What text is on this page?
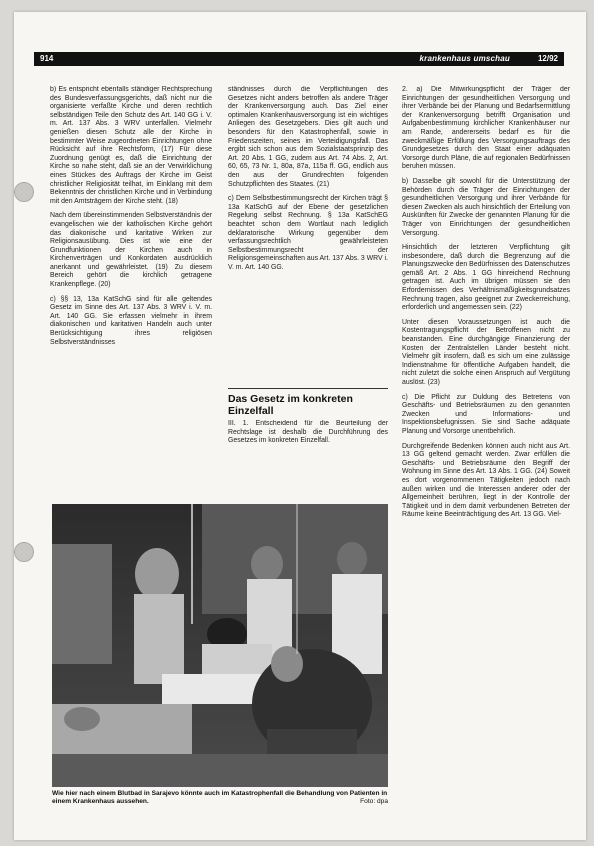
914	krankenhaus umschau	12/92

b) Es entspricht ebenfalls ständiger Rechtsprechung des Bundesverfassungsgerichts, daß nicht nur die organisierte verfaßte Kirche und deren rechtlich selbständigen Teile den Schutz des Art. 140 GG i. V. m. Art. 137 Abs. 3 WRV unterfallen. Vielmehr genießen diesen Schutz alle der Kirche in bestimmter Weise zugeordneten Einrichtungen ohne Rücksicht auf ihre Rechtsform, (17) Für diese Zuordnung genügt es, daß die Einrichtung der Kirche so nahe steht, daß sie an der Verwirklichung eines Stückes des Auftrags der Kirche im Geist christlicher Religiosität teilhat, im Einklang mit dem Bekenntnis der christlichen Kirche und in Verbindung mit den Amtsträgern der Kirche steht. (18)

Nach dem übereinstimmenden Selbstverständnis der evangelischen wie der katholischen Kirche gehört das diakonische und karitative Wirken zur Religionsausübung. Dies ist wie eine der Grundfunktionen der Kirchen auch in Kirchenverträgen und Konkordaten ausdrücklich anerkannt und gewährleistet. (19) Zu diesem Bereich gehört die kirchlich getragene Krankenpflege. (20)

c) §§ 13, 13a KatSchG sind für alle geltendes Gesetz im Sinne des Art. 137 Abs. 3 WRV i. V. m. Art. 140 GG. Sie erfassen vielmehr in ihrem diakonischen und karitativen Handeln auch unter Berücksichtigung ihres religiösen Selbstverständnisses

ständnisses durch die Verpflichtungen des Gesetzes nicht anders betroffen als andere Träger der Krankenversorgung auch. Das Ziel einer optimalen Krankenhausversorgung ist ein wichtiges Anliegen des Gesetzgebers. Dies gilt auch und besonders für den Katastrophenfall, sowie in Friedenszeiten, seines im Verteidigungsfall. Das ergibt sich schon aus dem Sozialstaatsprinzip des Art. 20 Abs. 1 GG, zudem aus Art. 74 Abs. 2, Art. 60, 65, 73 Nr. 1, 80a, 87a, 115a ff. GG, endlich aus den aus der Grundrechten folgenden Schutzpflichten des Staates. (21)

c) Dem Selbstbestimmungsrecht der Kirchen trägt § 13a KatSchG auf der Ebene der gesetzlichen Regelung selbst Rechnung. § 13a KatSchEG beachtet schon dem Wortlaut nach lediglich deklaratorische Wirkung gegenüber dem verfassungsrechtlich gewährleisteten Selbstbestimmungsrecht der Religionsgemeinschaften aus Art. 137 Abs. 3 WRV i. V. m. Art. 140 GG.

Das Gesetz im konkreten Einzelfall
III. 1. Entscheidend für die Beurteilung der Rechtslage ist deshalb die Durchführung des Gesetzes im konkreten Einzelfall.

2. a) Die Mitwirkungspflicht der Träger der Einrichtungen der gesundheitlichen Versorgung und ihrer Verbände bei der Planung und Bedarfsermittlung der Krankenversorgung betrifft Organisation und Aufgabenbestimmung kirchlicher Krankenhäuser nur am Rande, andererseits bedarf es für die zweckmäßige Erfüllung des Versorgungsauftrags des Grundgesetzes durch den Staat einer adäquaten Vorsorge durch Pläne, die auf regionalen Bedürfnissen beruhen müssen.

b) Dasselbe gilt sowohl für die Unterstützung der Behörden durch die Träger der Einrichtungen der gesundheitlichen Versorgung und ihrer Verbände für diesen Zwecken als auch hinsichtlich der Erteilung von Auskünften für Zwecke der genannten Planung für die Träger von Einrichtungen der gesundheitlichen Versorgung.

Hinsichtlich der letzteren Verpflichtung gilt insbesondere, daß durch die Begrenzung auf die Planungszwecke den Bedürfnissen des Datenschutzes gemäß Art. 2 Abs. 1 GG hinreichend Rechnung getragen ist. Auch im übrigen müssen sie den Erfordernissen des Verhältnismäßigkeitsgrundsatzes Rechnung tragen, also geeignet zur Zweckerreichung, erforderlich und angemessen sein. (22)

Unter diesen Voraussetzungen ist auch die Kostentragungspflicht der Betroffenen nicht zu beanstanden. Eine durchgängige Finanzierung der Kosten der Zentralstellen Länder besteht nicht. Vielmehr gilt insofern, daß es sich um eine zulässige Indienstnahme für öffentliche Aufgaben handelt, die nicht zuletzt die solche einen Anspruch auf Vergütung auslöst. (23)

c) Die Pflicht zur Duldung des Betretens von Geschäfts- und Betriebsräumen zu den genannten Zwecken und Informations- und Inspektionsbefugnissen. Sie sind Sache adäquate Planung und Vorsorge unentbehrlich.

Durchgreifende Bedenken können auch nicht aus Art. 13 GG geltend gemacht werden. Zwar erfüllen die Geschäfts- und Betriebsräume den Begriff der Wohnung im Sinne des Art. 13 Abs. 1 GG. (24) Soweit es dort vorgenommenen Tätigkeiten jedoch nach außen wirken und die Interessen anderer oder der Allgemeinheit berühren, liegt in der Kontrolle der Tätigkeit und in dem damit verbundenen Betreten der Räume keine Beeinträchtigung des Art. 13 GG. Viel-

Wie hier nach einem Blutbad in Sarajevo könnte auch im Katastrophenfall die Behandlung von Patienten in einem Krankenhaus aussehen.	Foto: dpa
